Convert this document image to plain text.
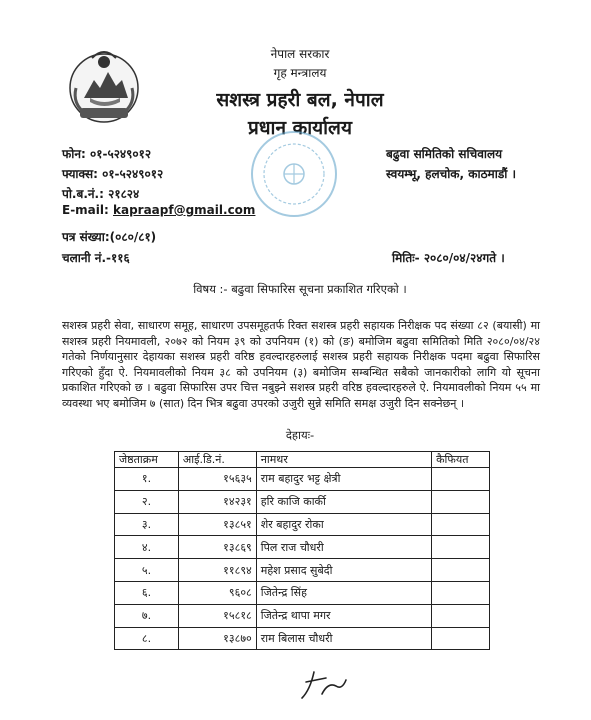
नेपाल सरकार
गृह मन्त्रालय
सशस्त्र प्रहरी बल, नेपाल
प्रधान कार्यालय
फोन: ०१-५२४९०१२
फ्याक्स: ०१-५२४९०१२
पो.ब.नं.: २१८२४
E-mail: kapraapf@gmail.com
बढुवा समितिको सचिवालय
स्वयम्भू, हलचोक, काठमाडौं ।
पत्र संख्या:(०८०/८१)
चलानी नं.-११६	मितिः- २०८०/०४/२४गते ।
विषय :- बढुवा सिफारिस सूचना प्रकाशित गरिएको ।
सशस्त्र प्रहरी सेवा, साधारण समूह, साधारण उपसमूहतर्फ रिक्त सशस्त्र प्रहरी सहायक निरीक्षक पद संख्या ८२ (बयासी) मा सशस्त्र प्रहरी नियमावली, २०७२ को नियम ३९ को उपनियम (१) को (ङ) बमोजिम बढुवा समितिको मिति २०८०/०४/२४ गतेको निर्णयानुसार देहायका सशस्त्र प्रहरी वरिष्ठ हवल्दारहरुलाई सशस्त्र प्रहरी सहायक निरीक्षक पदमा बढुवा सिफारिस गरिएको हुँदा ऐ. नियमावलीको नियम ३८ को उपनियम (३) बमोजिम सम्बन्धित सबैको जानकारीको लागि यो सूचना प्रकाशित गरिएको छ । बढुवा सिफारिस उपर चित्त नबुझ्ने सशस्त्र प्रहरी वरिष्ठ हवल्दारहरुले ऐ. नियमावलीको नियम ५५ मा व्यवस्था भए बमोजिम ७ (सात) दिन भित्र बढुवा उपरको उजुरी सुन्ने समिति समक्ष उजुरी दिन सक्नेछन् ।
देहायः-
जेष्ठताक्रम	आई.डि.नं.	नामथर	कैफियत
१.	१५६३५	राम बहादुर भट्ट क्षेत्री	
२.	१४२३१	हरि काजि कार्की	
३.	१३८५१	शेर बहादुर रोका	
४.	१३८६९	पिल राज चौधरी	
५.	११८९४	महेश प्रसाद सुबेदी	
६.	९६०८	जितेन्द्र सिंह	
७.	१५८१८	जितेन्द्र थापा मगर	
८.	१३८७०	राम बिलास चौधरी	
